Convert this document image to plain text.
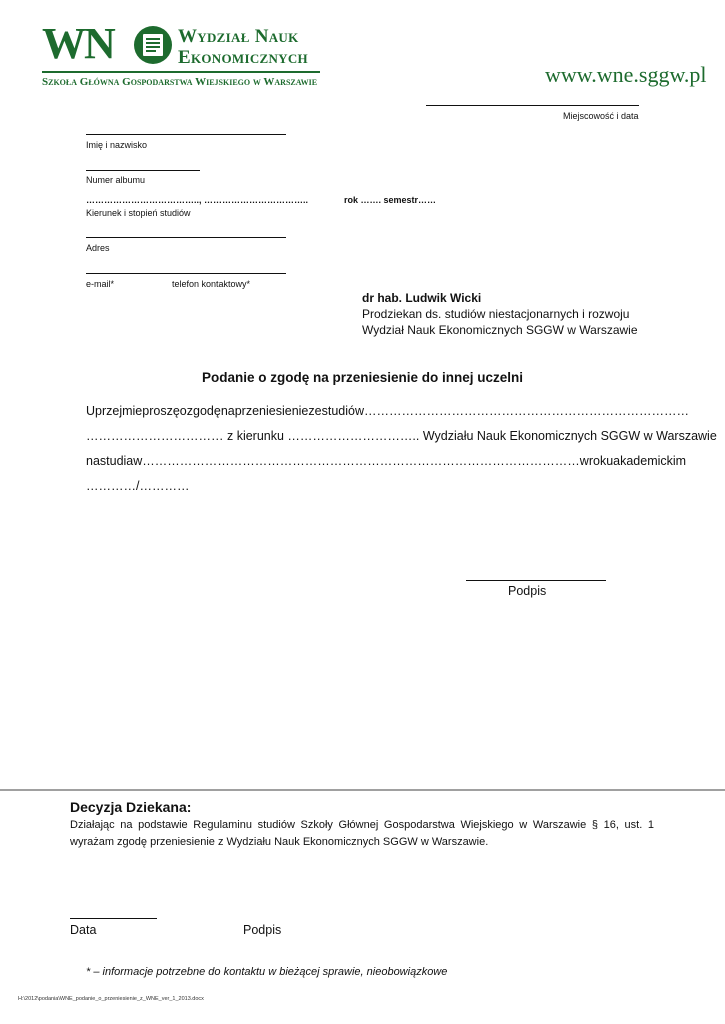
WN	Wydział Nauk
Ekonomicznych
Szkoła Główna Gospodarstwa Wiejskiego w Warszawie	www.wne.sggw.pl
Miejscowość i data
Imię i nazwisko
Numer albumu
……………………………….., ……………………………..	rok ……. semestr……
Kierunek i stopień studiów
Adres
e-mail*	telefon kontaktowy*
dr hab. Ludwik Wicki
Prodziekan ds. studiów niestacjonarnych i rozwoju
Wydział Nauk Ekonomicznych SGGW w Warszawie
Podanie o zgodę na przeniesienie do innej uczelni
Uprzejmie proszę o zgodę na przeniesienie ze studiów ……………………………………………………………………
…………………………… z kierunku ………………………….. Wydziału Nauk Ekonomicznych SGGW w Warszawie
na studia w …………………………………………………………………………………………… w roku akademickim
…………/…………
Podpis
Decyzja Dziekana:
Działając na podstawie Regulaminu studiów Szkoły Głównej Gospodarstwa Wiejskiego w Warszawie § 16, ust. 1 wyrażam zgodę przeniesienie z Wydziału Nauk Ekonomicznych SGGW w Warszawie.
Data	Podpis
* – informacje potrzebne do kontaktu w bieżącej sprawie, nieobowiązkowe
H:\2012\podania\WNE_podanie_o_przeniesienie_z_WNE_ver_1_2013.docx
